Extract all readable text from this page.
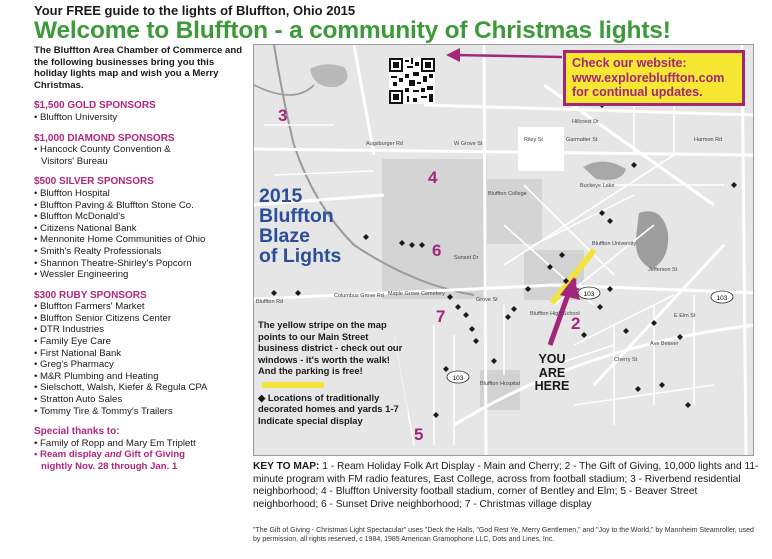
Your FREE guide to the lights of Bluffton, Ohio 2015
Welcome to Bluffton - a community of Christmas lights!
The Bluffton Area Chamber of Commerce and the following businesses bring you this holiday lights map and wish you a Merry Christmas.
$1,500 GOLD SPONSORS
• Bluffton University
$1,000 DIAMOND SPONSORS
• Hancock County Convention &
Visitors' Bureau
$500 SILVER SPONSORS
• Bluffton Hospital
• Bluffton Paving & Bluffton Stone Co.
• Bluffton McDonald's
• Citizens National Bank
• Mennonite Home Communities of Ohio
• Smith's Realty Professionals
• Shannon Theatre-Shirley's Popcorn
• Wessler Engineering
$300 RUBY SPONSORS
• Bluffton Farmers' Market
• Bluffton Senior Citizens Center
• DTR Industries
• Family Eye Care
• First National Bank
• Greg's Pharmacy
• M&R Plumbing and Heating
• Sielschott, Walsh, Kiefer & Regula CPA
• Stratton Auto Sales
• Tommy Tire & Tommy's Trailers
Special thanks to:
• Family of Ropp and Mary Em Triplett
• Ream display and Gift of Giving
nightly Nov. 28 through Jan. 1
103
103
103
Augsburger Rd
Garmatter St
W Grove St
Columbus Grove Rd
Bluffton Rd
Hillcrest Dr
Riley St
Bluffton College
Bluffton High School
Bluffton Hospital
Maple Grove Cemetery
Sunset Dr
Jefferson St
E Elm St
Cherry St
Ave Beaver
Grove St
Buckeye Lake
Bluffton University
Harmon Rd
Check our website:
www.explorebluffton.com
for continual updates.
2015
Bluffton
Blaze
of Lights
1
2
3
4
5
6
7
The yellow stripe on the map points to our Main Street business district - check out our windows - it's worth the walk! And the parking is free!
◆ Locations of traditionally decorated homes and yards 1-7 Indicate special display
YOU
ARE
HERE
KEY TO MAP: 1 - Ream Holiday Folk Art Display - Main and Cherry; 2 - The Gift of Giving, 10,000 lights and 11-minute program with FM radio features, East College, across from football stadium; 3 - Riverbend residential neighborhood; 4 - Bluffton University football stadium, corner of Bentley and Elm; 5 - Beaver Street neighborhood; 6 - Sunset Drive neighborhood; 7 - Christmas village display
"The Gift of Giving - Christmas Light Spectacular" uses "Deck the Halls, "God Rest Ye, Merry Gentlemen," and "Joy to the World," by Mannheim Steamroller, used by permission, all rights reserved, c 1984, 1985 American Gramophone LLC, Dots and Lines, Inc.
